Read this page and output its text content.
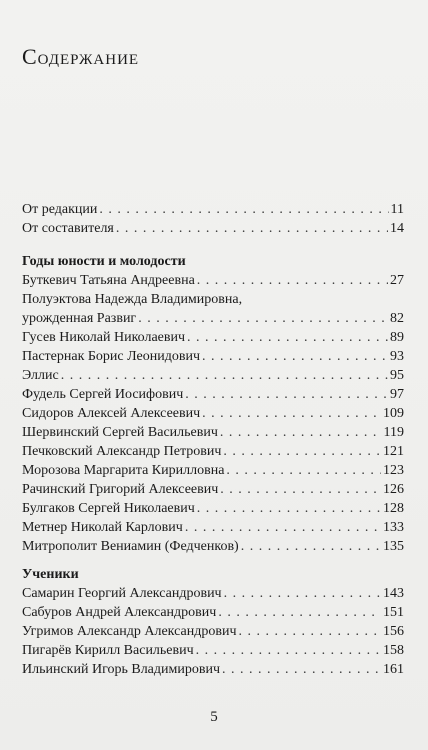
Содержание
От редакции . . .	11
От составителя . . .	14
Годы юности и молодости
Буткевич Татьяна Андреевна . . .	27
Полуэктова Надежда Владимировна,
урожденная Развиг . . .	82
Гусев Николай Николаевич . . .	89
Пастернак Борис Леонидович . . .	93
Эллис . . .	95
Фудель Сергей Иосифович . . .	97
Сидоров Алексей Алексеевич . . .	109
Шервинский Сергей Васильевич . . .	119
Печковский Александр Петрович . . .	121
Морозова Маргарита Кирилловна . . .	123
Рачинский Григорий Алексеевич . . .	126
Булгаков Сергей Николаевич . . .	128
Метнер Николай Карлович . . .	133
Митрополит Вениамин (Федченков) . . .	135
Ученики
Самарин Георгий Александрович . . .	143
Сабуров Андрей Александрович . . .	151
Угримов Александр Александрович . . .	156
Пигарёв Кирилл Васильевич . . .	158
Ильинский Игорь Владимирович . . .	161
5
